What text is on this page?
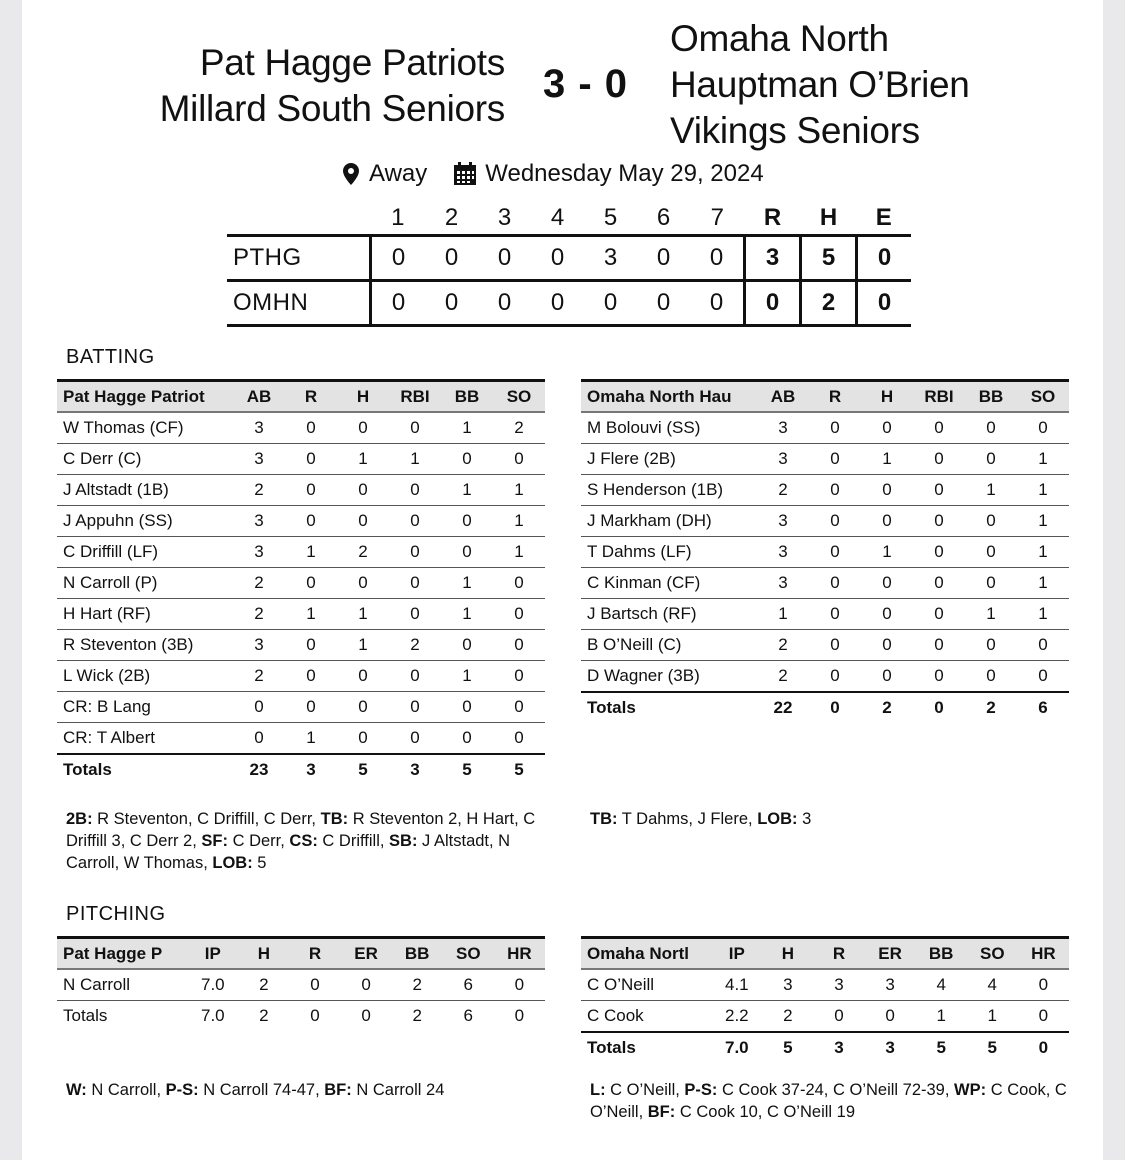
Pat Hagge Patriots
Millard South Seniors
3 - 0
Omaha North
Hauptman O’Brien
Vikings Seniors
Away Wednesday May 29, 2024
	1	2	3	4	5	6	7	R	H	E
PTHG	0	0	0	0	3	0	0	3	5	0
OMHN	0	0	0	0	0	0	0	0	2	0
BATTING
Pat Hagge Patriot	AB	R	H	RBI	BB	SO
W Thomas (CF)	3	0	0	0	1	2
C Derr (C)	3	0	1	1	0	0
J Altstadt (1B)	2	0	0	0	1	1
J Appuhn (SS)	3	0	0	0	0	1
C Driffill (LF)	3	1	2	0	0	1
N Carroll (P)	2	0	0	0	1	0
H Hart (RF)	2	1	1	0	1	0
R Steventon (3B)	3	0	1	2	0	0
L Wick (2B)	2	0	0	0	1	0
CR: B Lang	0	0	0	0	0	0
CR: T Albert	0	1	0	0	0	0
Totals	23	3	5	3	5	5
Omaha North Hau	AB	R	H	RBI	BB	SO
M Bolouvi (SS)	3	0	0	0	0	0
J Flere (2B)	3	0	1	0	0	1
S Henderson (1B)	2	0	0	0	1	1
J Markham (DH)	3	0	0	0	0	1
T Dahms (LF)	3	0	1	0	0	1
C Kinman (CF)	3	0	0	0	0	1
J Bartsch (RF)	1	0	0	0	1	1
B O’Neill (C)	2	0	0	0	0	0
D Wagner (3B)	2	0	0	0	0	0
Totals	22	0	2	0	2	6
2B: R Steventon, C Driffill, C Derr, TB: R Steventon 2, H Hart, C Driffill 3, C Derr 2, SF: C Derr, CS: C Driffill, SB: J Altstadt, N Carroll, W Thomas, LOB: 5
TB: T Dahms, J Flere, LOB: 3
PITCHING
Pat Hagge P	IP	H	R	ER	BB	SO	HR
N Carroll	7.0	2	0	0	2	6	0
Totals	7.0	2	0	0	2	6	0
Omaha Nortl	IP	H	R	ER	BB	SO	HR
C O’Neill	4.1	3	3	3	4	4	0
C Cook	2.2	2	0	0	1	1	0
Totals	7.0	5	3	3	5	5	0
W: N Carroll, P-S: N Carroll 74-47, BF: N Carroll 24	L: C O’Neill, P-S: C Cook 37-24, C O’Neill 72-39, WP: C Cook, C O’Neill, BF: C Cook 10, C O’Neill 19
